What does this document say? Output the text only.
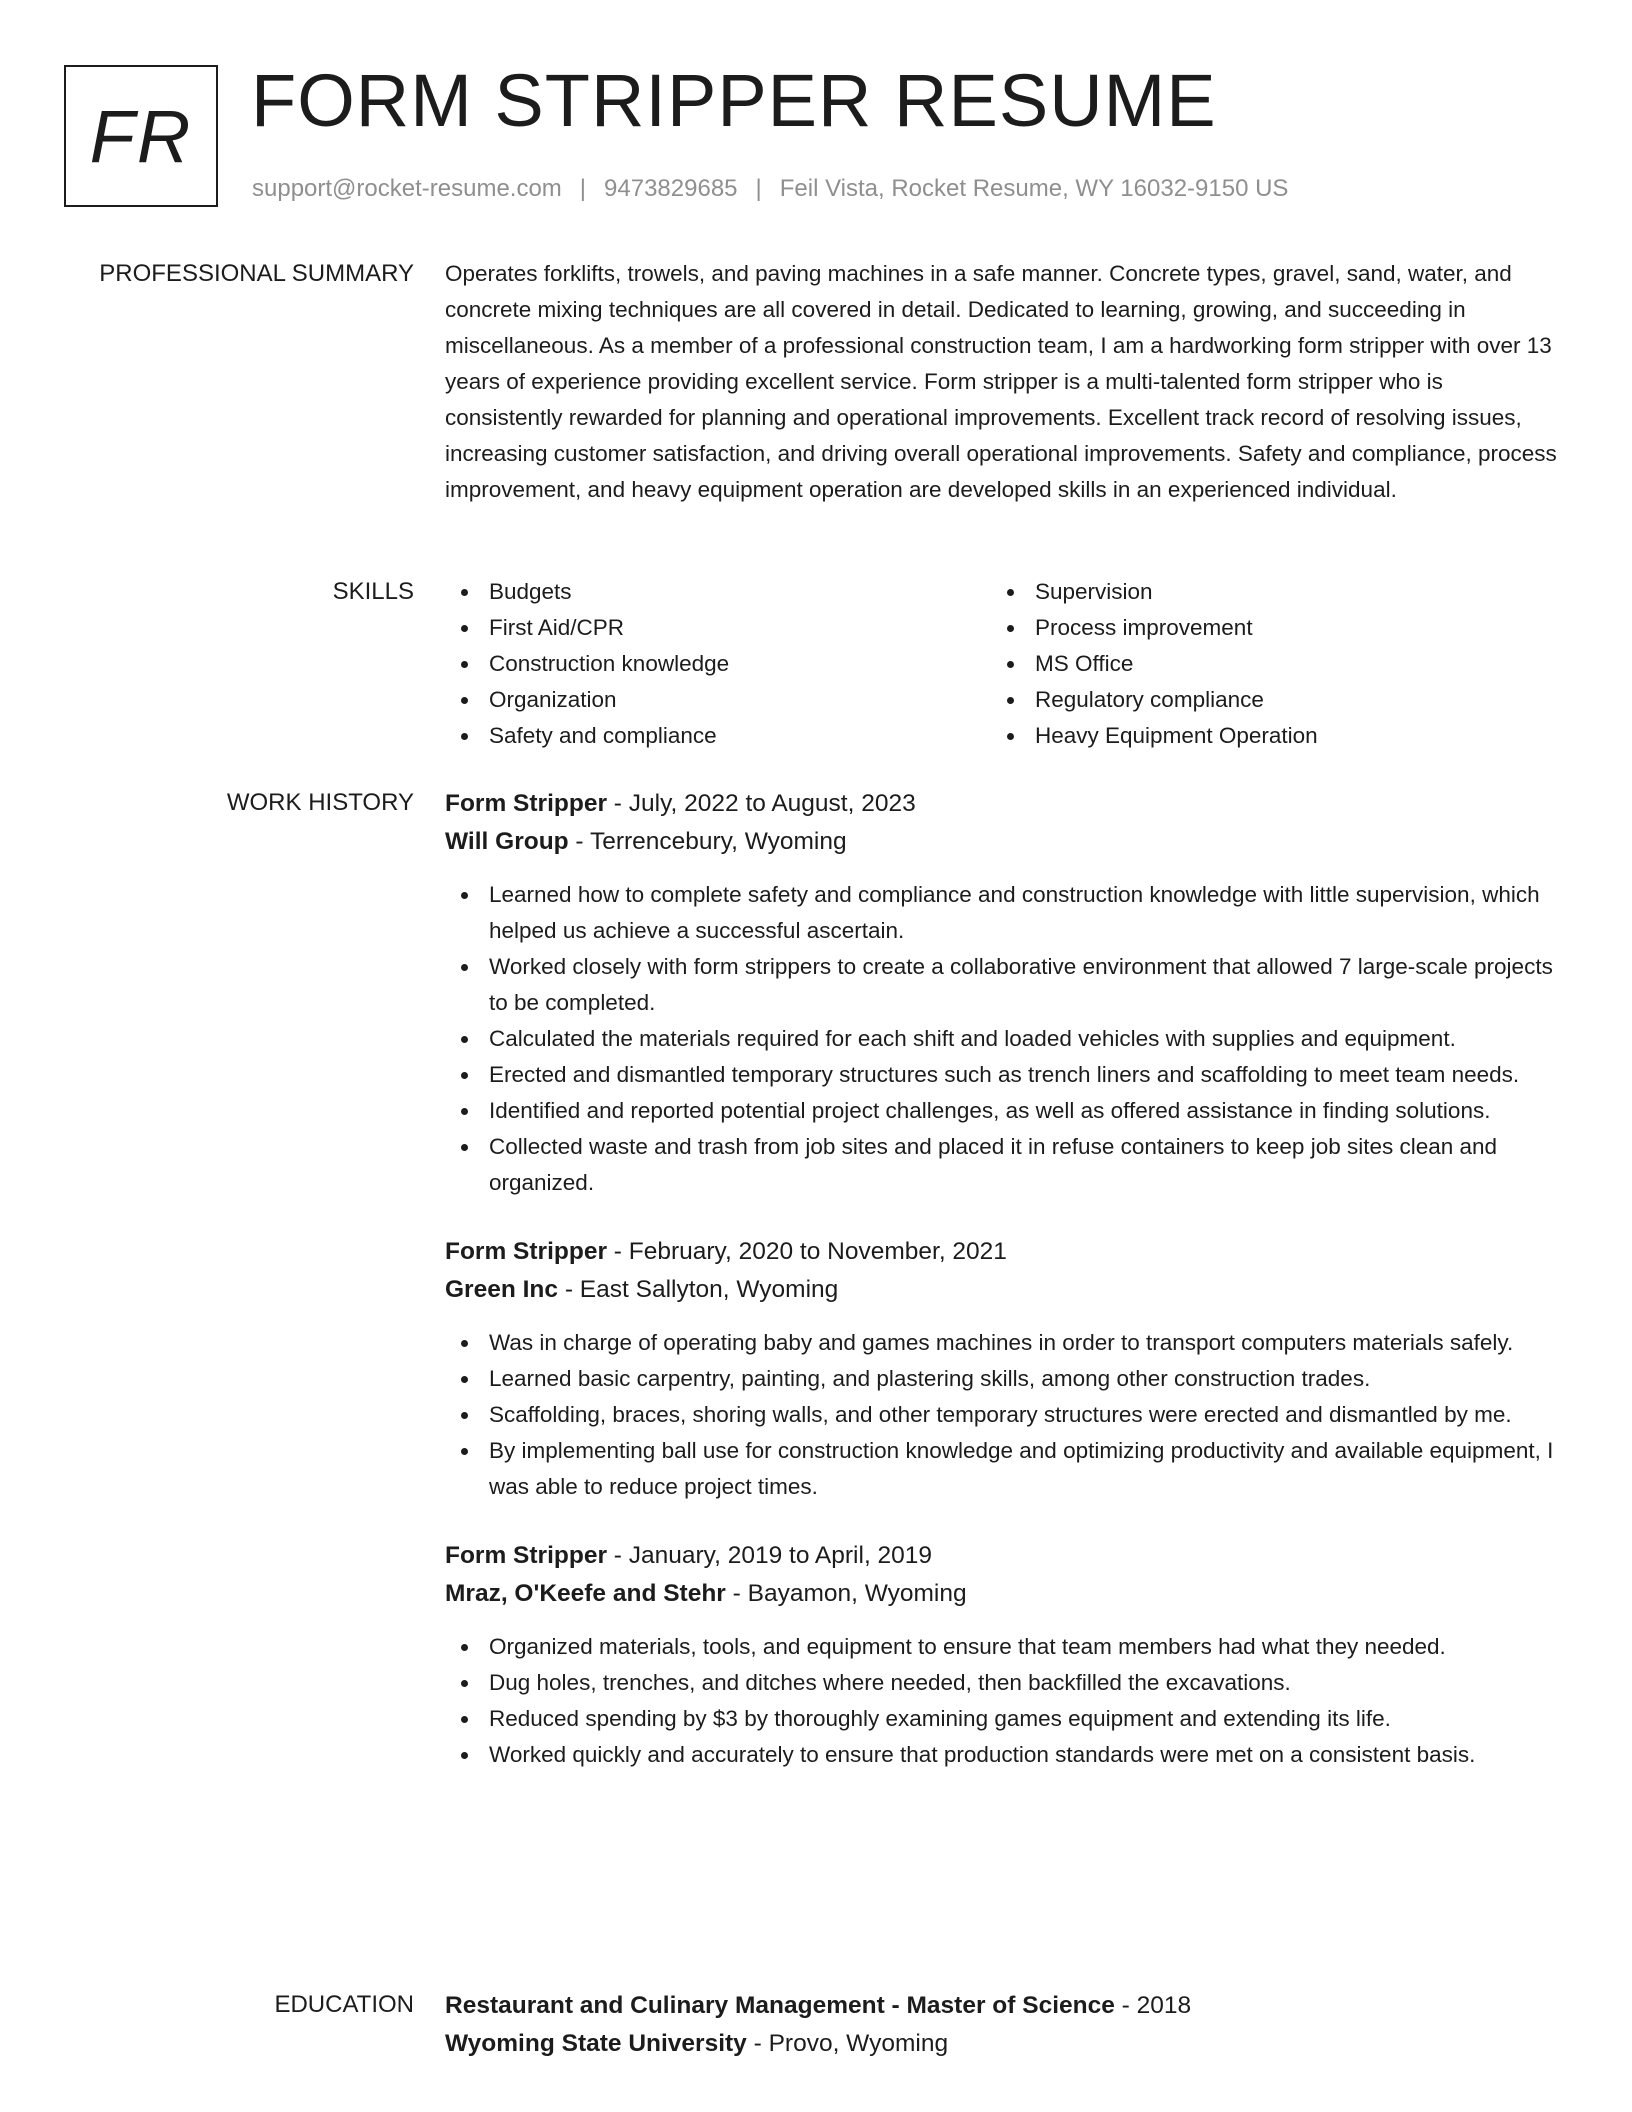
FR FORM STRIPPER RESUME
support@rocket-resume.com | 9473829685 | Feil Vista, Rocket Resume, WY 16032-9150 US
PROFESSIONAL SUMMARY Operates forklifts, trowels, and paving machines in a safe manner. Concrete types, gravel, sand, water, and concrete mixing techniques are all covered in detail. Dedicated to learning, growing, and succeeding in miscellaneous. As a member of a professional construction team, I am a hardworking form stripper with over 13 years of experience providing excellent service. Form stripper is a multi-talented form stripper who is consistently rewarded for planning and operational improvements. Excellent track record of resolving issues, increasing customer satisfaction, and driving overall operational improvements. Safety and compliance, process improvement, and heavy equipment operation are developed skills in an experienced individual.

SKILLS	Budgets
First Aid/CPR
Construction knowledge
Organization
Safety and compliance
Supervision
Process improvement
MS Office
Regulatory compliance
Heavy Equipment Operation
WORK HISTORY Form Stripper - July, 2022 to August, 2023
Will Group - Terrencebury, Wyoming
Learned how to complete safety and compliance and construction knowledge with little supervision, which helped us achieve a successful ascertain.
Worked closely with form strippers to create a collaborative environment that allowed 7 large-scale projects to be completed.
Calculated the materials required for each shift and loaded vehicles with supplies and equipment.
Erected and dismantled temporary structures such as trench liners and scaffolding to meet team needs.
Identified and reported potential project challenges, as well as offered assistance in finding solutions.
Collected waste and trash from job sites and placed it in refuse containers to keep job sites clean and organized.
Form Stripper - February, 2020 to November, 2021
Green Inc - East Sallyton, Wyoming
Was in charge of operating baby and games machines in order to transport computers materials safely.
Learned basic carpentry, painting, and plastering skills, among other construction trades.
Scaffolding, braces, shoring walls, and other temporary structures were erected and dismantled by me.
By implementing ball use for construction knowledge and optimizing productivity and available equipment, I was able to reduce project times.
Form Stripper - January, 2019 to April, 2019
Mraz, O'Keefe and Stehr - Bayamon, Wyoming
Organized materials, tools, and equipment to ensure that team members had what they needed.
Dug holes, trenches, and ditches where needed, then backfilled the excavations.
Reduced spending by $3 by thoroughly examining games equipment and extending its life.
Worked quickly and accurately to ensure that production standards were met on a consistent basis.
EDUCATION Restaurant and Culinary Management - Master of Science - 2018
Wyoming State University - Provo, Wyoming
